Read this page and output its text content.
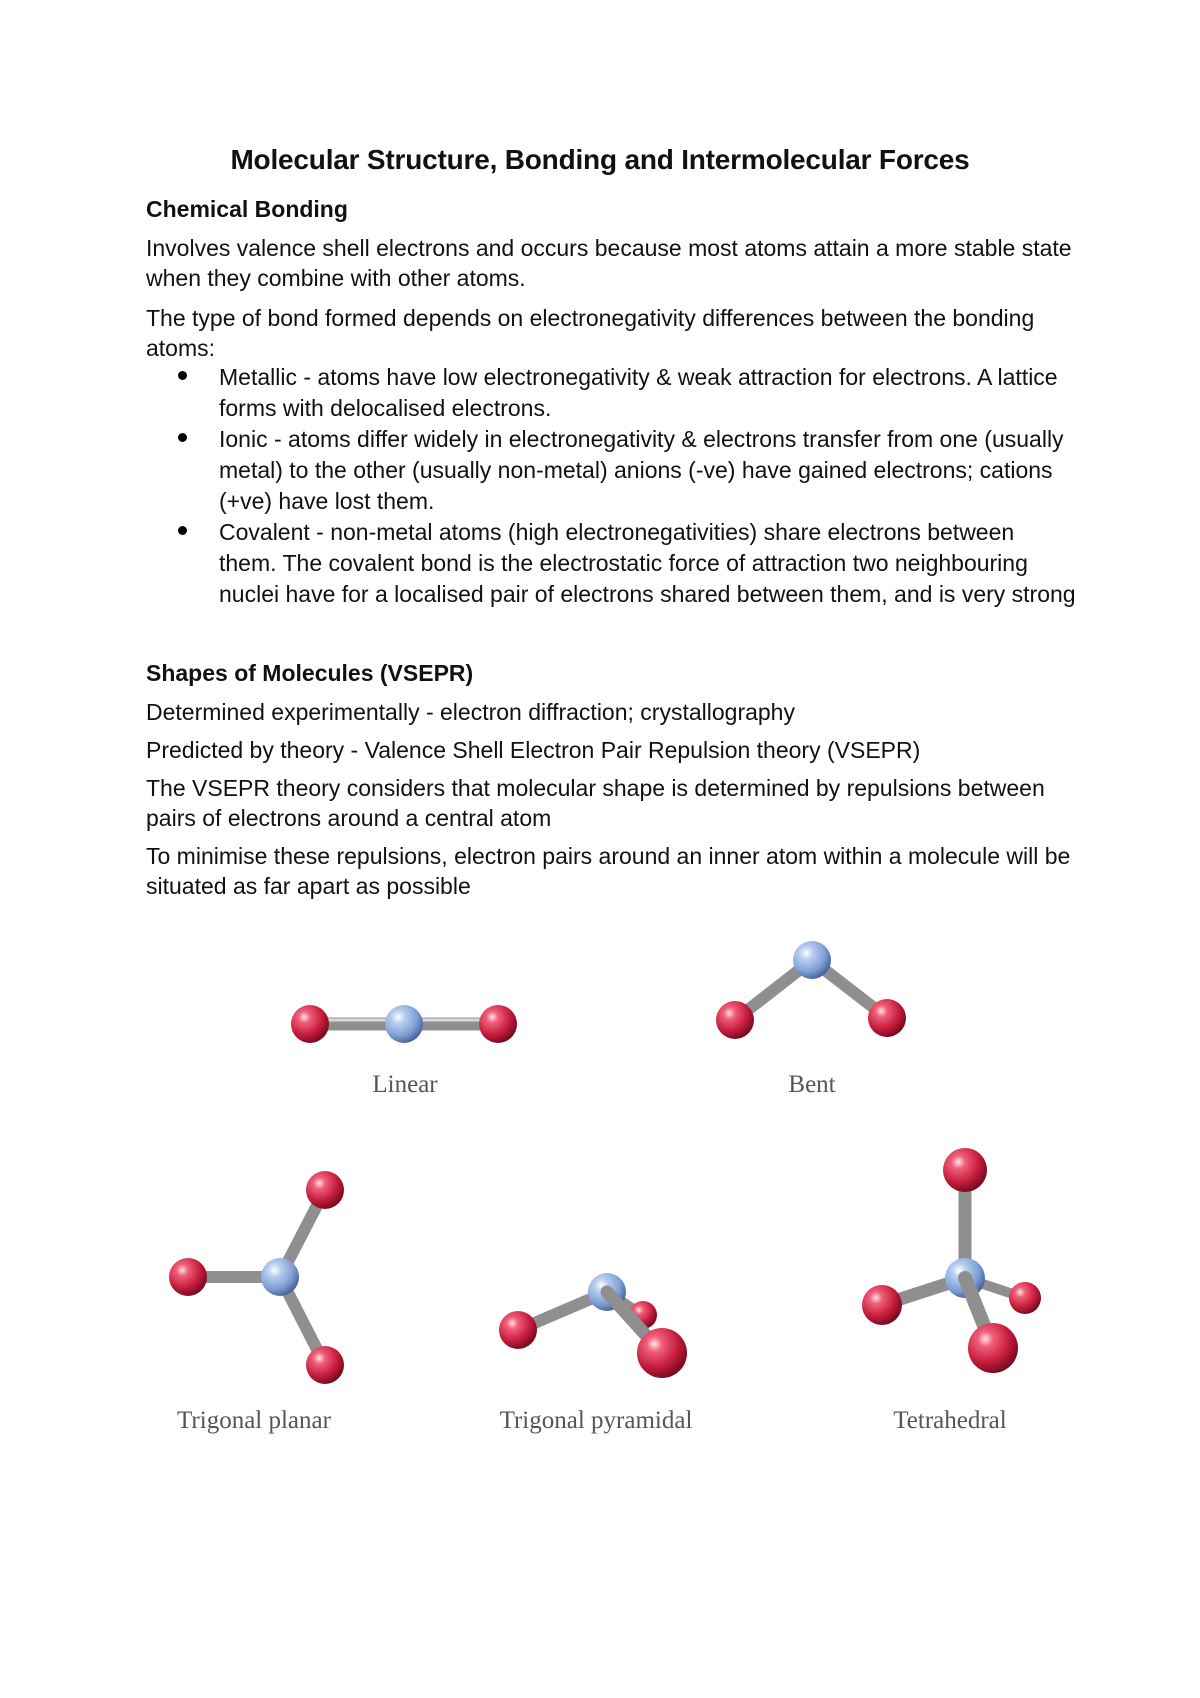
Molecular Structure, Bonding and Intermolecular Forces
Chemical Bonding
Involves valence shell electrons and occurs because most atoms attain a more stable state when they combine with other atoms.
The type of bond formed depends on electronegativity differences between the bonding atoms:
Metallic - atoms have low electronegativity & weak attraction for electrons. A lattice forms with delocalised electrons.
Ionic - atoms differ widely in electronegativity & electrons transfer from one (usually metal) to the other (usually non-metal) anions (-ve) have gained electrons; cations (+ve) have lost them.
Covalent - non-metal atoms (high electronegativities) share electrons between them. The covalent bond is the electrostatic force of attraction two neighbouring nuclei have for a localised pair of electrons shared between them, and is very strong
Shapes of Molecules (VSEPR)
Determined experimentally - electron diffraction; crystallography
Predicted by theory - Valence Shell Electron Pair Repulsion theory (VSEPR)
The VSEPR theory considers that molecular shape is determined by repulsions between pairs of electrons around a central atom
To minimise these repulsions, electron pairs around an inner atom within a molecule will be situated as far apart as possible
Linear	Bent
Trigonal planar	Trigonal pyramidal	Tetrahedral
